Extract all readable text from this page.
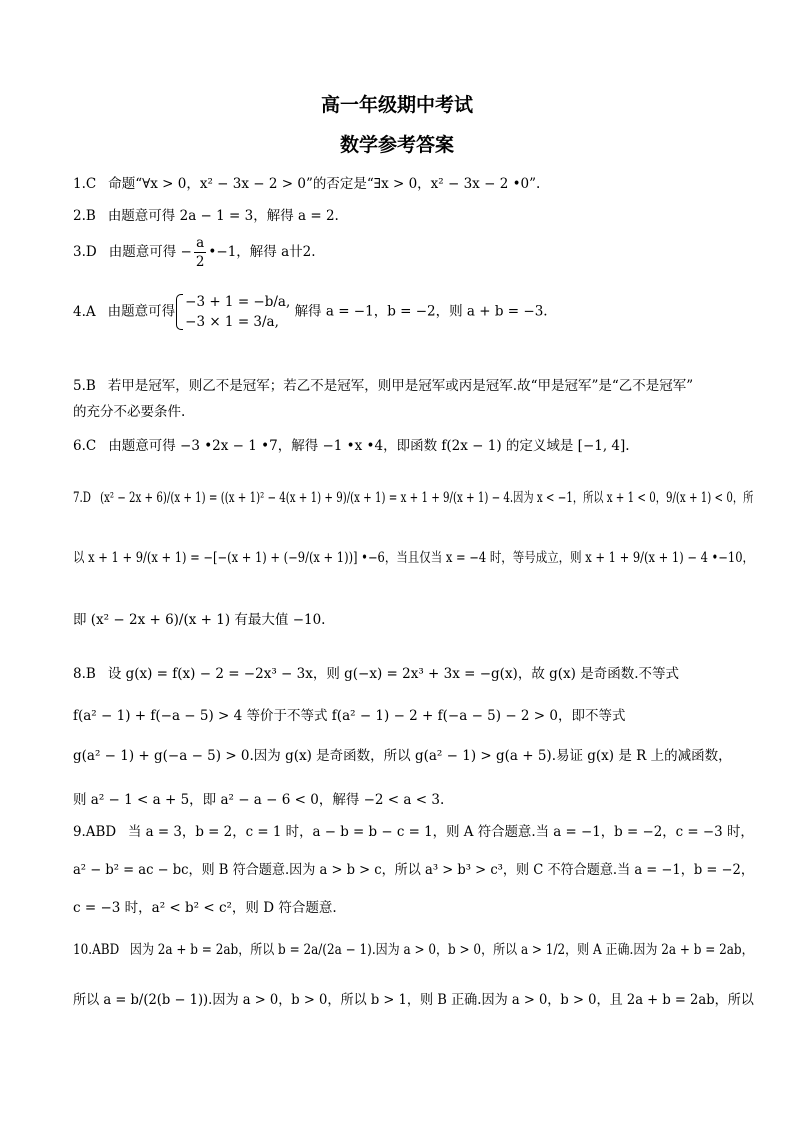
高一年级期中考试
数学参考答案
1.C 命题“∀x > 0，x² − 3x − 2 > 0”的否定是“∃x > 0，x² − 3x − 2 •0”.
2.B 由题意可得 2a − 1 = 3，解得 a = 2.
3.D 由题意可得 − $\frac{a}{2}$ •−1，解得 a卄2.
4.A 由题意可得
−3 + 1 = −b/a,
−3 × 1 = 3/a,
解得 a = −1，b = −2，则 a + b = −3.
5.B 若甲是冠军，则乙不是冠军；若乙不是冠军，则甲是冠军或丙是冠军.故“甲是冠军”是“乙不是冠军”
的充分不必要条件.
6.C 由题意可得 −3 •2x − 1 •7，解得 −1 •x •4，即函数 f(2x − 1) 的定义域是 [−1, 4].
7.D (x² − 2x + 6)/(x + 1) = ((x + 1)² − 4(x + 1) + 9)/(x + 1) = x + 1 + 9/(x + 1) − 4.因为 x < −1，所以 x + 1 < 0，9/(x + 1) < 0，所
以 x + 1 + 9/(x + 1) = −[−(x + 1) + (−9/(x + 1))] •−6，当且仅当 x = −4 时，等号成立，则 x + 1 + 9/(x + 1) − 4 •−10，
即 (x² − 2x + 6)/(x + 1) 有最大值 −10.
8.B 设 g(x) = f(x) − 2 = −2x³ − 3x，则 g(−x) = 2x³ + 3x = −g(x)，故 g(x) 是奇函数.不等式
f(a² − 1) + f(−a − 5) > 4 等价于不等式 f(a² − 1) − 2 + f(−a − 5) − 2 > 0，即不等式
g(a² − 1) + g(−a − 5) > 0.因为 g(x) 是奇函数，所以 g(a² − 1) > g(a + 5).易证 g(x) 是 R 上的减函数，
则 a² − 1 < a + 5，即 a² − a − 6 < 0，解得 −2 < a < 3.
9.ABD 当 a = 3，b = 2，c = 1 时，a − b = b − c = 1，则 A 符合题意.当 a = −1，b = −2，c = −3 时，
a² − b² = ac − bc，则 B 符合题意.因为 a > b > c，所以 a³ > b³ > c³，则 C 不符合题意.当 a = −1，b = −2，
c = −3 时，a² < b² < c²，则 D 符合题意.
10.ABD 因为 2a + b = 2ab，所以 b = 2a/(2a − 1).因为 a > 0，b > 0，所以 a > 1/2，则 A 正确.因为 2a + b = 2ab，
所以 a = b/(2(b − 1)).因为 a > 0，b > 0，所以 b > 1，则 B 正确.因为 a > 0，b > 0，且 2a + b = 2ab，所以
